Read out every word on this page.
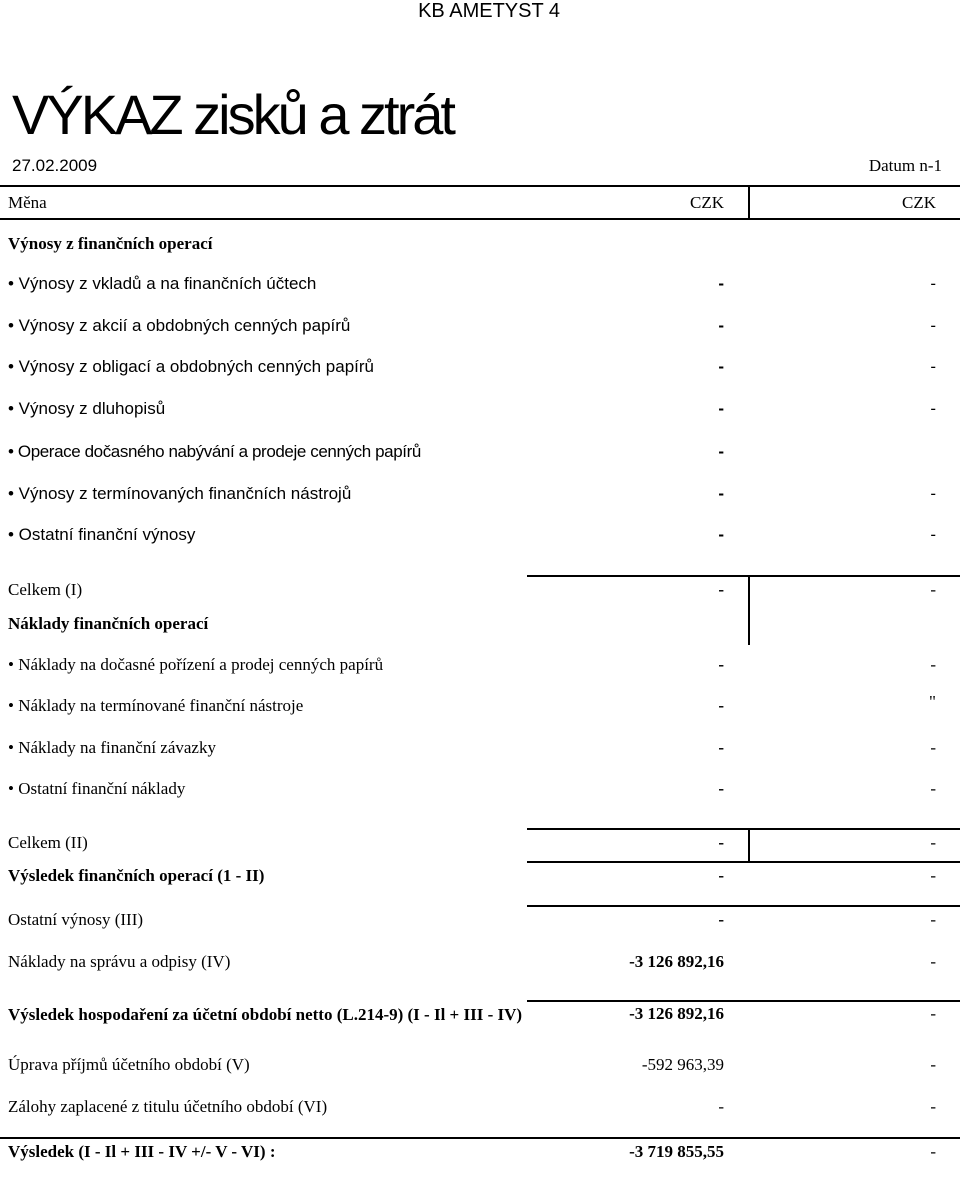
KB AMETYST 4
VÝKAZ zisků a ztrát
27.02.2009	Datum n-1
Měna	CZK	CZK
Výnosy z finančních operací
• Výnosy z vkladů a na finančních účtech	-	-
• Výnosy z akcií a obdobných cenných papírů	-	-
• Výnosy z obligací a obdobných cenných papírů	-	-
• Výnosy z dluhopisů	-	-
• Operace dočasného nabývání a prodeje cenných papírů	-
• Výnosy z termínovaných finančních nástrojů	-	-
• Ostatní finanční výnosy	-	-
Celkem (I)	-	-
Náklady finančních operací
• Náklady na dočasné pořízení a prodej cenných papírů	-	-
• Náklady na termínované finanční nástroje	-	"
• Náklady na finanční závazky	-	-
• Ostatní finanční náklady	-	-
Celkem (II)	-	-
Výsledek finančních operací (1 - II)	-	-
Ostatní výnosy (III)	-	-
Náklady na správu a odpisy (IV)	-3 126 892,16	-
Výsledek hospodaření za účetní období netto (L.214-9) (I - Il + III - IV)	-3 126 892,16	-
Úprava příjmů účetního období (V)	-592 963,39	-
Zálohy zaplacené z titulu účetního období (VI)	-	-
Výsledek (I - Il + III - IV +/- V - VI) :	-3 719 855,55	-
